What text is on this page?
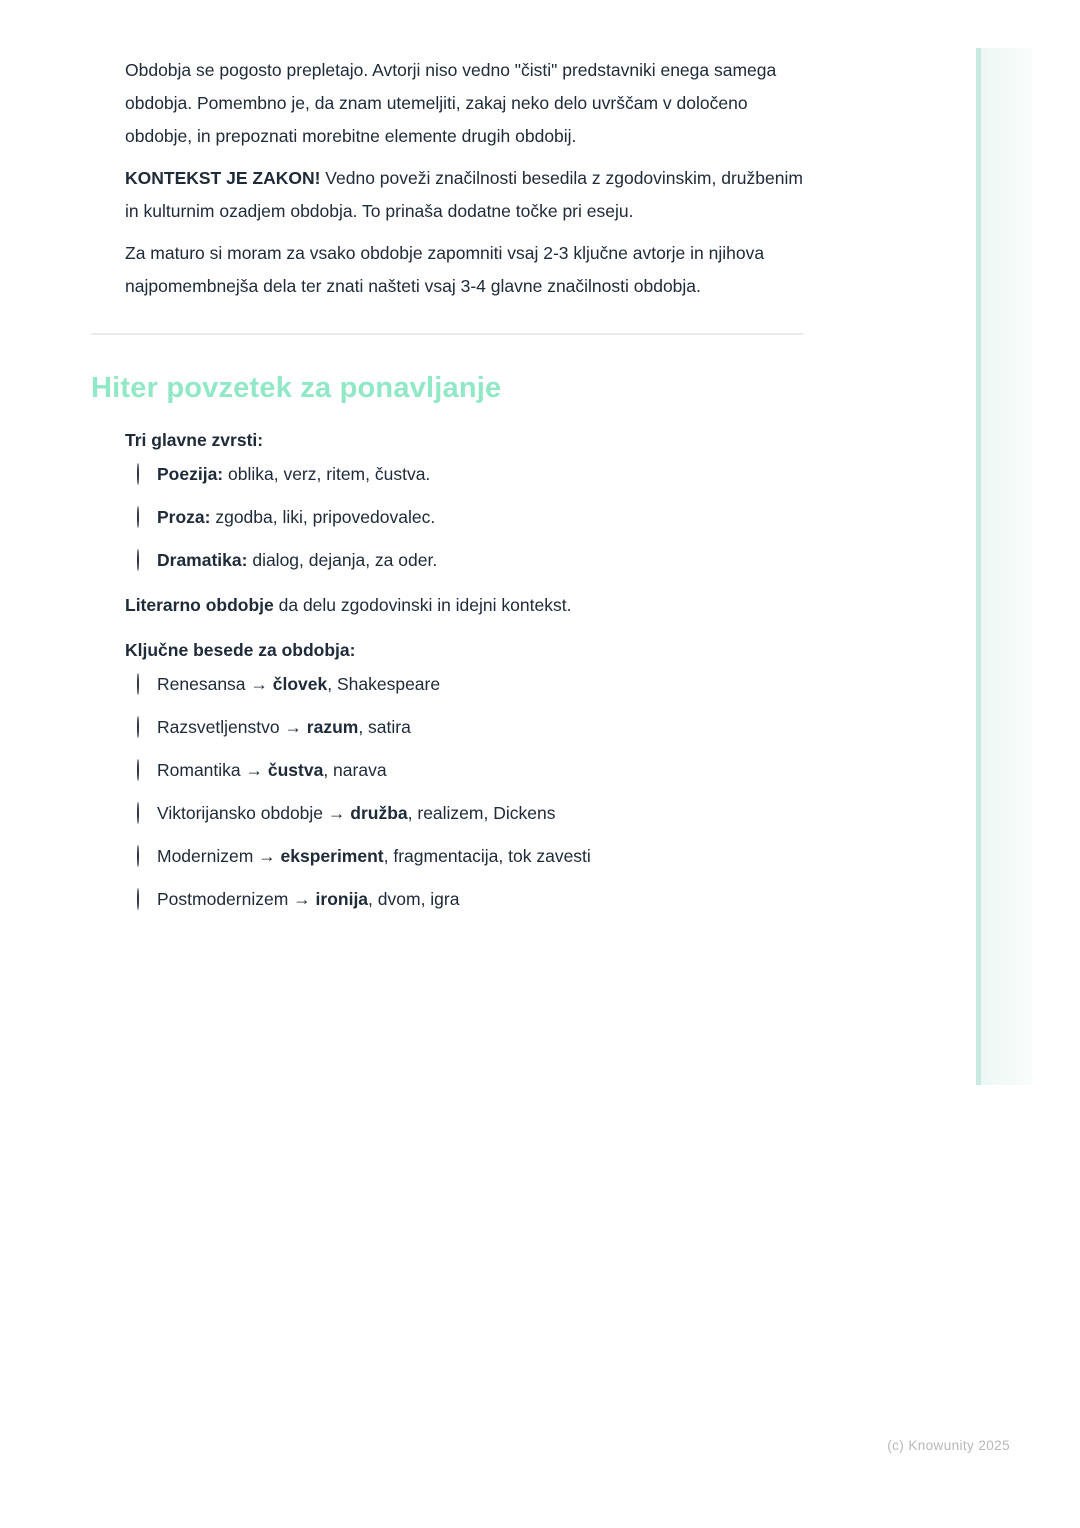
Obdobja se pogosto prepletajo. Avtorji niso vedno "čisti" predstavniki enega samega obdobja. Pomembno je, da znam utemeljiti, zakaj neko delo uvrščam v določeno obdobje, in prepoznati morebitne elemente drugih obdobij.
KONTEKST JE ZAKON! Vedno poveži značilnosti besedila z zgodovinskim, družbenim in kulturnim ozadjem obdobja. To prinaša dodatne točke pri eseju.
Za maturo si moram za vsako obdobje zapomniti vsaj 2-3 ključne avtorje in njihova najpomembnejša dela ter znati našteti vsaj 3-4 glavne značilnosti obdobja.
Hiter povzetek za ponavljanje
Tri glavne zvrsti:
Poezija: oblika, verz, ritem, čustva.
Proza: zgodba, liki, pripovedovalec.
Dramatika: dialog, dejanja, za oder.
Literarno obdobje da delu zgodovinski in idejni kontekst.
Ključne besede za obdobja:
Renesansa → človek, Shakespeare
Razsvetljenstvo → razum, satira
Romantika → čustva, narava
Viktorijansko obdobje → družba, realizem, Dickens
Modernizem → eksperiment, fragmentacija, tok zavesti
Postmodernizem → ironija, dvom, igra
(c) Knowunity 2025
